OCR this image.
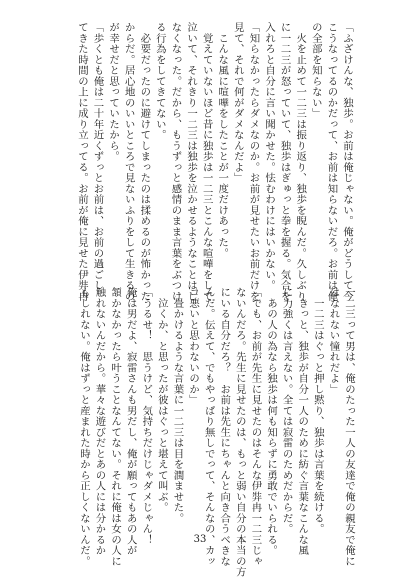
「ふざけんな、独歩。お前は俺じゃない。俺がどうして今
こうなってるのかだって、お前は知らないだろ。お前は俺
の全部を知らない」
　火を止めて一二三は振り返り、独歩を睨んだ。久しぶり
に一二三が怒っていて、独歩はぎゅっと拳を握る。気合を
入れろと自分に言い聞かせた。怯むわけにはいかない。
「知らなかったらダメなのか。お前が見せたいお前だけを
見て、それで何がダメなんだよ」
　こんな風に喧嘩をしたことが一度だけあった。
　覚えていないほど昔に独歩は一二三とこんな喧嘩をして
泣いて、それきり一二三は独歩を泣かせるようなことはし
なくなった。だから、もうずっと感情のまま言葉をぶつけ
る行為をしてきてない。
　必要だったのに避けてしまったのは揉めるのが怖かった
からだ。居心地のいいところで見ないふりをして生きるの
が幸せだと思っていたから。
「歩くとも俺は二十年近くずっとお前は、お前の過ごし
てきた時間の上に成り立ってる。お前が俺に見せた伊弉冉
一二三って男は、俺のたった一人の友達で俺の親友で俺に
はなれない憧れだよ」
　一二三はぐっと押し黙り、独歩は言葉を続ける。
　きっと、独歩が自分一人のために紡ぐ言葉なこんな風
に力強くは言えない。全ては寂雷のためだからだ。
　あの人の為なら独歩は何も知らずに勇敢でいられる。
「でも、お前が先生に見せたのはそんな伊弉冉一二三じゃ
ないんだろ。先生に見せたのは、もっと弱い自分の本当の方
にいる自分だろ？　お前は先生にちゃんと向き合うべきな
んだ。伝えて、でもやっぱり無しでって、そんなの、カッ
コ悪いと思わないのか」
　畳かけるような言葉に一二三は目を潤ませた。
　泣くか、と思ったが彼はぐっと堪えて叫ぶ。
「うるせ！　思うけど、気持ちだけじゃダメじゃん！
俺は男だよ、寂雷さんも男だし、俺が願ってもあの人が
頷かなかったら叶うことなんてない。それに俺は女の人に
触れないんだから。華々な遊びだとあの人には分かるか
もしれない。俺はずっと産まれた時から正しくないんだ。	33
